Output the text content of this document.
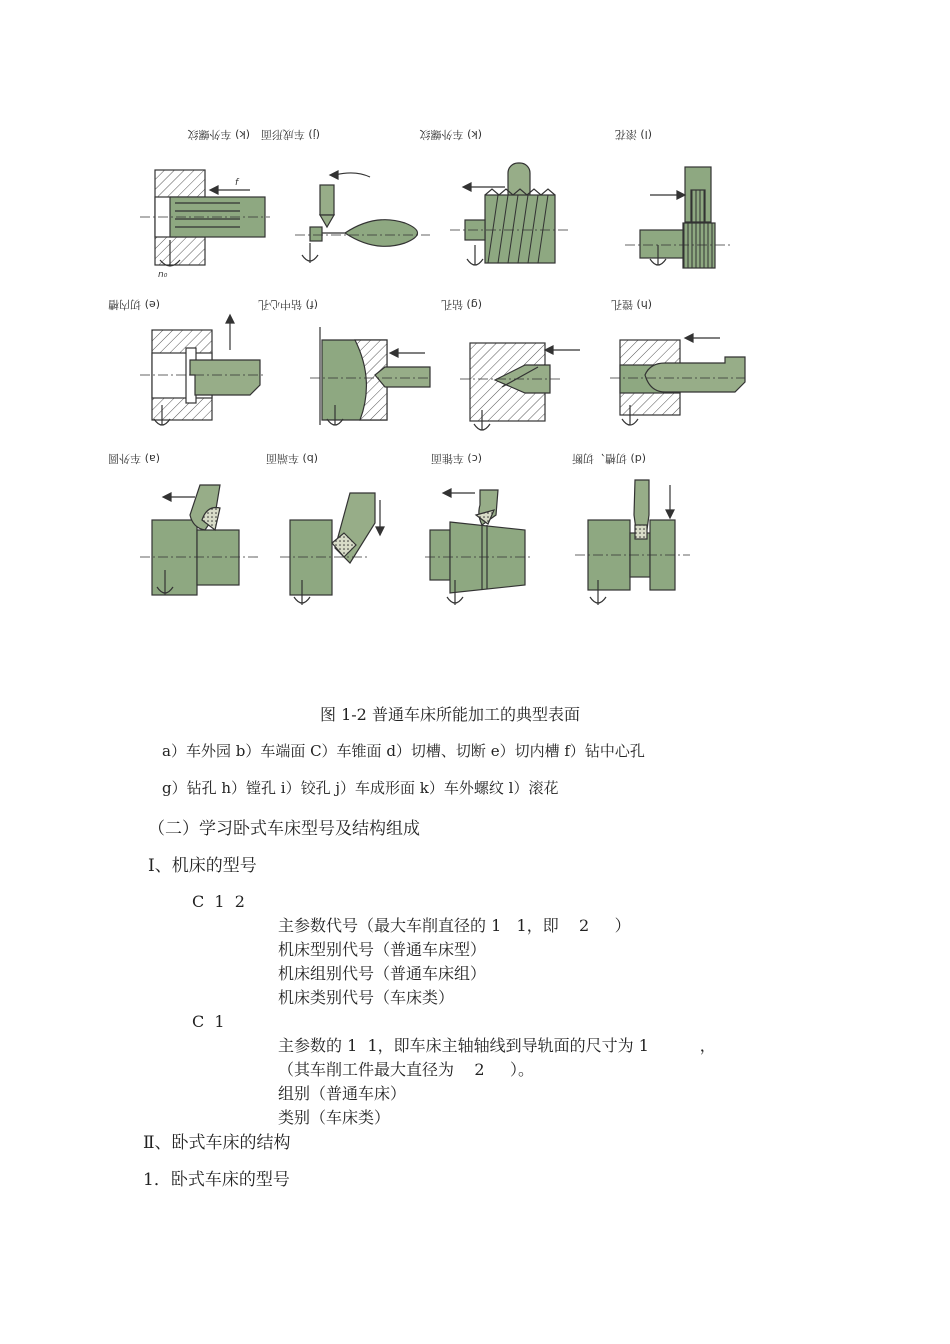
(k) 车外螺纹 (j) 车成形面	(k) 车外螺纹	(l) 滚花
(e) 切内槽	(f) 钻中心孔	(g) 钻孔	(h) 镗孔
(a) 车外圆	(b) 车端面	(c) 车锥面	(d) 切槽、切断
f
n₀
图 1-2 普通车床所能加工的典型表面
a）车外园 b）车端面 C）车锥面 d）切槽、切断 e）切内槽 f）钻中心孔
g）钻孔 h）镗孔 i）铰孔 j）车成形面 k）车外螺纹 l）滚花
（二）学习卧式车床型号及结构组成
Ⅰ、机床的型号
C  1  2
主参数代号（最大车削直径的 1   1，即    2     ）
机床型别代号（普通车床型）
机床组别代号（普通车床组）
机床类别代号（车床类）
C  1
主参数的 1  1，即车床主轴轴线到导轨面的尺寸为 1          ，
（其车削工件最大直径为    2     ）。
组别（普通车床）
类别（车床类）
Ⅱ、卧式车床的结构
1．卧式车床的型号
